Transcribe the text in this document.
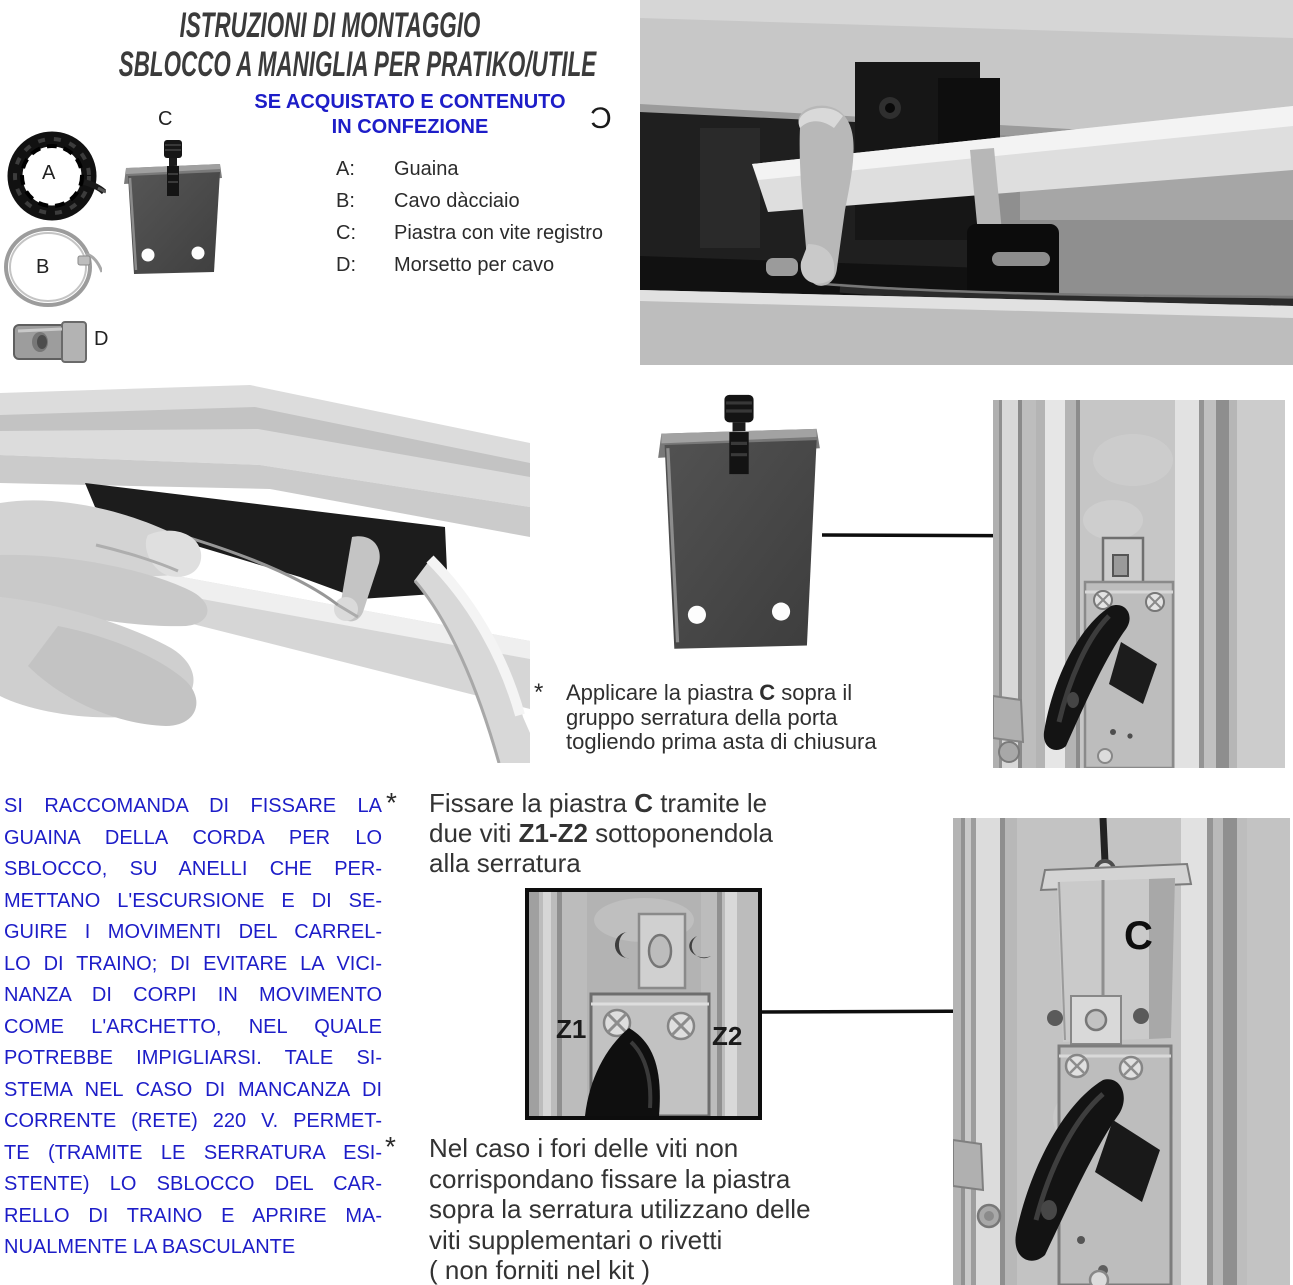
ISTRUZIONI DI MONTAGGIO
SBLOCCO A MANIGLIA PER PRATIKO/UTILE
SE ACQUISTATO E CONTENUTO
IN CONFEZIONE	Ɔ
A
B
C
D
A: Guaina
B: Cavo dàcciaio
C: Piastra con vite registro
D: Morsetto per cavo
* Applicare la piastra C sopra il
gruppo serratura della porta
togliendo prima asta di chiusura
SI RACCOMANDA DI FISSARE LA
GUAINA DELLA CORDA PER LO
SBLOCCO, SU ANELLI CHE PER-
METTANO L'ESCURSIONE E DI SE-
GUIRE I MOVIMENTI DEL CARREL-
LO DI TRAINO; DI EVITARE LA VICI-
NANZA DI CORPI IN MOVIMENTO
COME L'ARCHETTO, NEL QUALE
POTREBBE IMPIGLIARSI. TALE SI-
STEMA NEL CASO DI MANCANZA DI
CORRENTE (RETE) 220 V. PERMET-
TE (TRAMITE LE SERRATURA ESI-
STENTE) LO SBLOCCO DEL CAR-
RELLO DI TRAINO E APRIRE MA-
NUALMENTE LA BASCULANTE
* Fissare la piastra C tramite le
due viti Z1-Z2 sottoponendola
alla serratura
Z1	Z2
C
* Nel caso i fori delle viti non
corrispondano fissare la piastra
sopra la serratura utilizzano delle
viti supplementari o rivetti
( non forniti nel kit )
